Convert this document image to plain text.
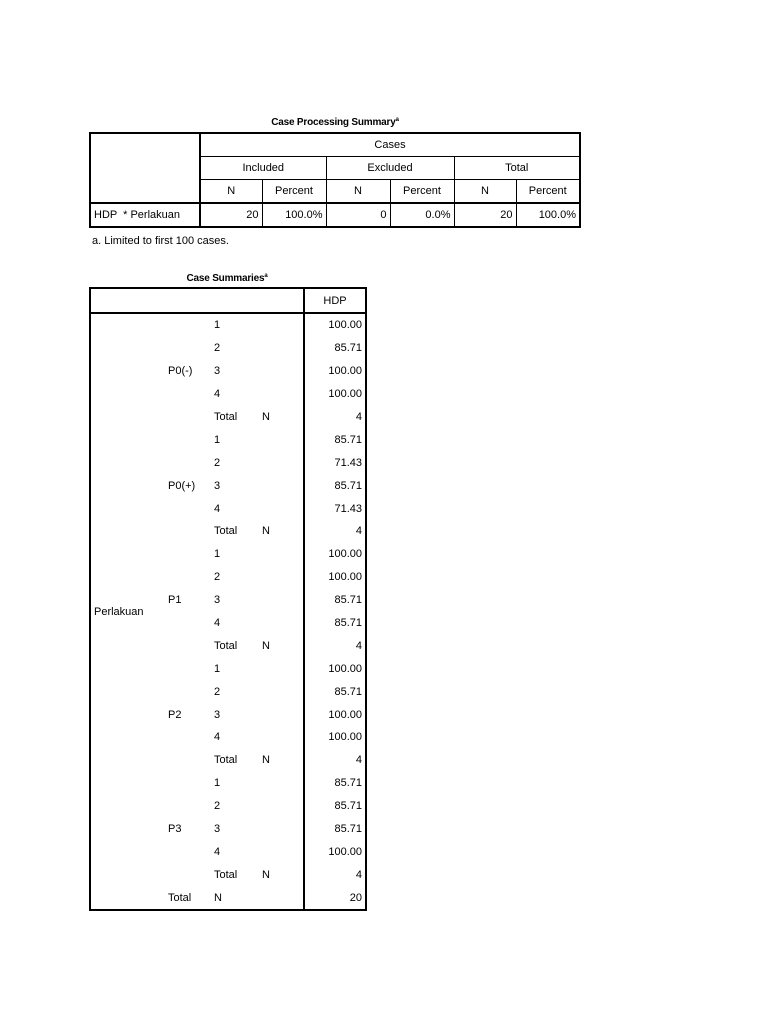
Case Processing Summary$^a$
	Cases					
	Included		Excluded		Total	
	N	Percent	N	Percent	N	Percent
HDP  * Perlakuan	20	100.0%	0	0.0%	20	100.0%
a. Limited to first 100 cases.
Case Summaries$^a$
				HDP
Perlakuan	P0(-)	1		100.00
		2		85.71
		3		100.00
		4		100.00
		Total	N	4
	P0(+)	1		85.71
		2		71.43
		3		85.71
		4		71.43
		Total	N	4
	P1	1		100.00
		2		100.00
		3		85.71
		4		85.71
		Total	N	4
	P2	1		100.00
		2		85.71
		3		100.00
		4		100.00
		Total	N	4
	P3	1		85.71
		2		85.71
		3		85.71
		4		100.00
		Total	N	4
	Total	N		20
